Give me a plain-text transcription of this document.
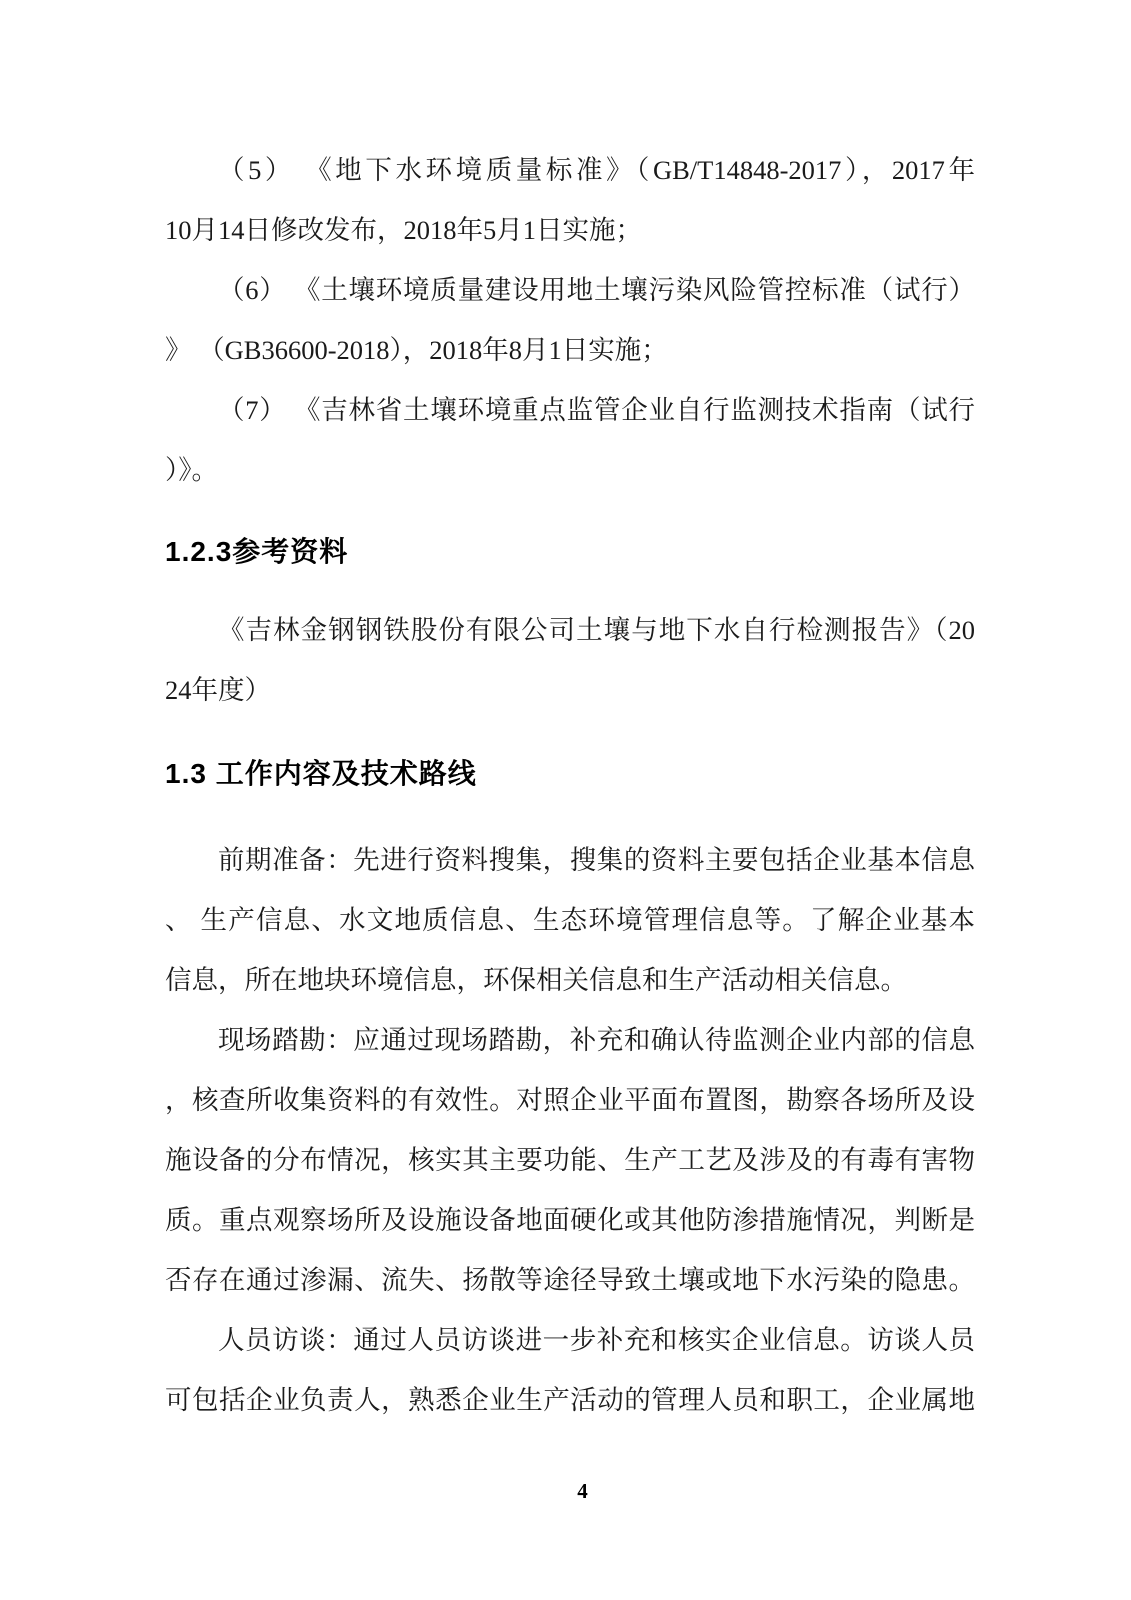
（5） 《地下水环境质量标准》（GB/T14848-2017），2017年
10月14日修改发布，2018年5月1日实施；
（6） 《土壤环境质量建设用地土壤污染风险管控标准（试行）
》 （GB36600-2018），2018年8月1日实施；
（7） 《吉林省土壤环境重点监管企业自行监测技术指南（试行
）》。
1.2.3参考资料
《吉林金钢钢铁股份有限公司土壤与地下水自行检测报告》（20
24年度）
1.3 工作内容及技术路线
前期准备：先进行资料搜集，搜集的资料主要包括企业基本信息
、 生产信息、水文地质信息、生态环境管理信息等。了解企业基本
信息，所在地块环境信息，环保相关信息和生产活动相关信息。
现场踏勘：应通过现场踏勘，补充和确认待监测企业内部的信息
，核查所收集资料的有效性。对照企业平面布置图，勘察各场所及设
施设备的分布情况，核实其主要功能、生产工艺及涉及的有毒有害物
质。重点观察场所及设施设备地面硬化或其他防渗措施情况，判断是
否存在通过渗漏、流失、扬散等途径导致土壤或地下水污染的隐患。
人员访谈：通过人员访谈进一步补充和核实企业信息。访谈人员
可包括企业负责人，熟悉企业生产活动的管理人员和职工，企业属地
4
